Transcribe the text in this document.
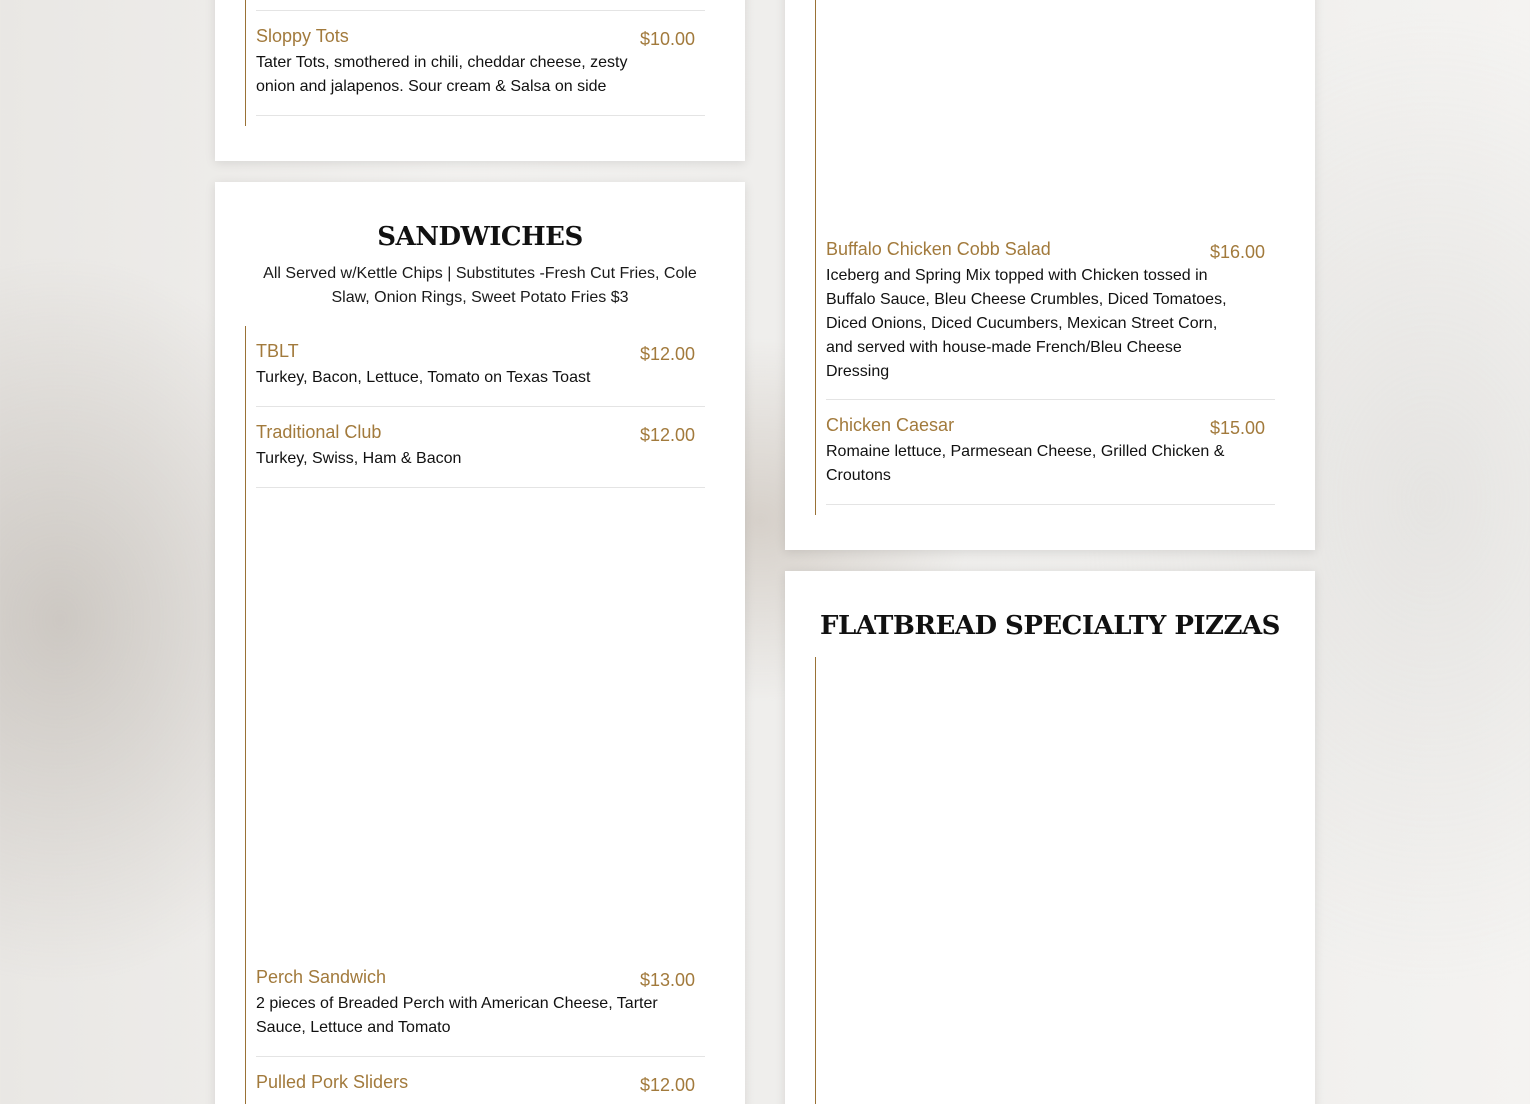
Sloppy Tots	$10.00
Tater Tots, smothered in chili, cheddar cheese, zesty onion and jalapenos. Sour cream & Salsa on side
SANDWICHES
All Served w/Kettle Chips | Substitutes -Fresh Cut Fries, Cole Slaw, Onion Rings, Sweet Potato Fries $3
TBLT	$12.00
Turkey, Bacon, Lettuce, Tomato on Texas Toast
Traditional Club	$12.00
Turkey, Swiss, Ham & Bacon
Perch Sandwich	$13.00
2 pieces of Breaded Perch with American Cheese, Tarter Sauce, Lettuce and Tomato
Pulled Pork Sliders	$12.00
Buffalo Chicken Cobb Salad	$16.00
Iceberg and Spring Mix topped with Chicken tossed in Buffalo Sauce, Bleu Cheese Crumbles, Diced Tomatoes, Diced Onions, Diced Cucumbers, Mexican Street Corn, and served with house-made French/Bleu Cheese Dressing
Chicken Caesar	$15.00
Romaine lettuce, Parmesean Cheese, Grilled Chicken & Croutons
FLATBREAD SPECIALTY PIZZAS
